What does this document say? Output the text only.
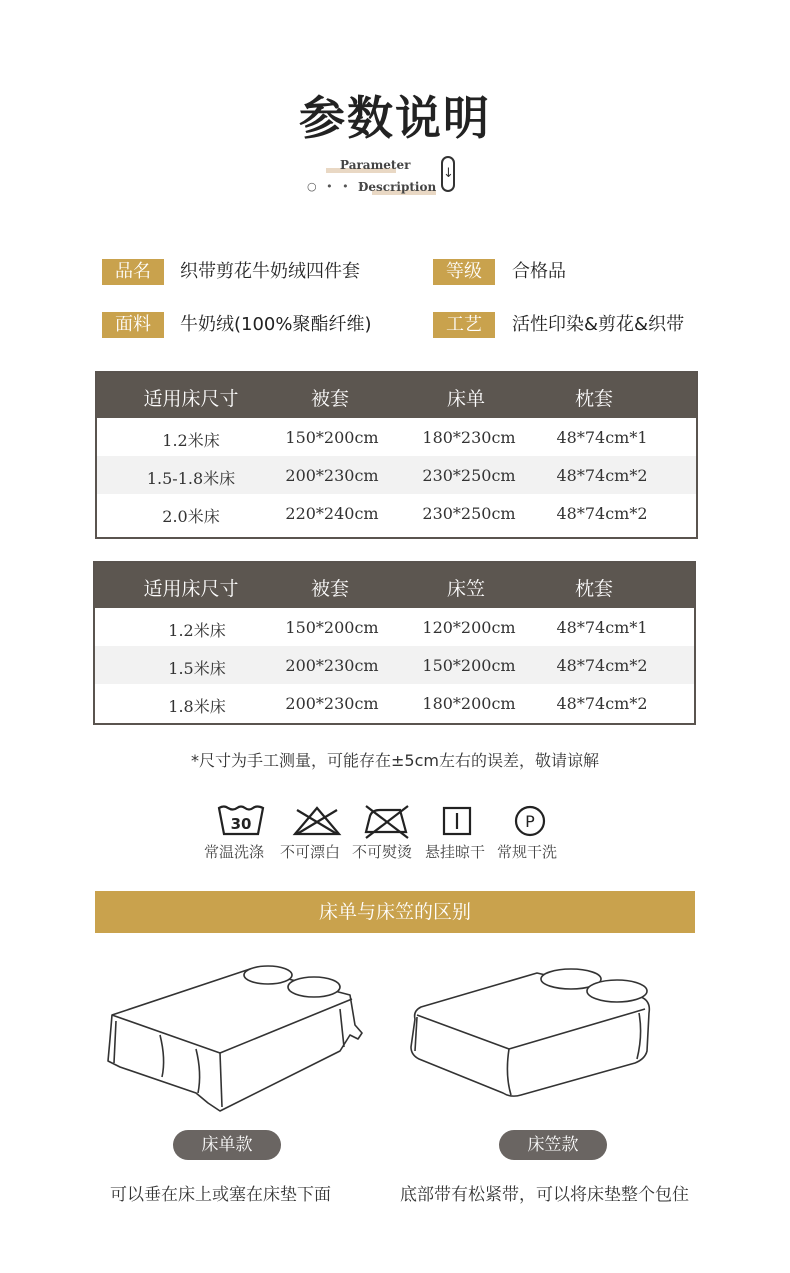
参数说明
Parameter
Description
○ • • •
↓
品名	织带剪花牛奶绒四件套	等级	合格品
面料	牛奶绒(100%聚酯纤维)	工艺	活性印染&剪花&织带
适用床尺寸	被套	床单	枕套
1.2米床	150*200cm	180*230cm	48*74cm*1
1.5-1.8米床	200*230cm	230*250cm	48*74cm*2
2.0米床	220*240cm	230*250cm	48*74cm*2
适用床尺寸	被套	床笠	枕套
1.2米床	150*200cm	120*200cm	48*74cm*1
1.5米床	200*230cm	150*200cm	48*74cm*2
1.8米床	200*230cm	180*200cm	48*74cm*2
*尺寸为手工测量，可能存在±5cm左右的误差，敬请谅解
30	P
常温洗涤 不可漂白 不可熨烫 悬挂晾干 常规干洗
床单与床笠的区别
床单款	床笠款
可以垂在床上或塞在床垫下面	底部带有松紧带，可以将床垫整个包住
